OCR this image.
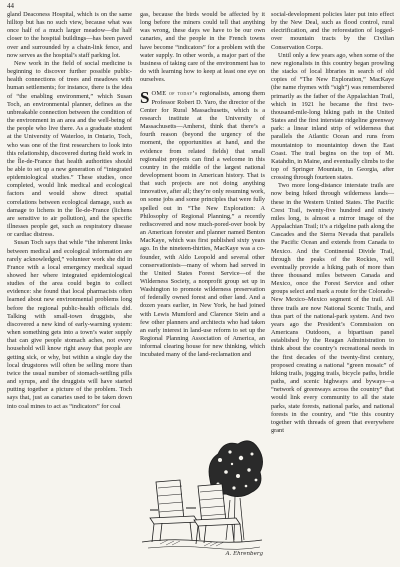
44

gland Deaconess Hospital, which is on the same hilltop but has no such view, because what was once half of a much larger meadow—the half closer to the hospital buildings—has been paved over and surrounded by a chain-link fence, and now serves as the hospital’s staff parking lot.

New work in the field of social medicine is beginning to discover further possible public-health connections of trees and meadows with human settlements; for instance, there is the idea of “the enabling environment,” which Susan Toch, an environmental planner, defines as the unbreakable connection between the condition of the environment in an area and the well-being of the people who live there. As a graduate student at the University of Waterloo, in Ontario, Toch, who was one of the first researchers to look into this relationship, discovered during field work in the Île-de-France that health authorities should be able to set up a new generation of “integrated epidemiological studies.” These studies, once completed, would link medical and ecological factors and would show direct spatial correlations between ecological damage, such as damage to lichens in the Île-de-France (lichens are sensitive to air pollution), and the specific illnesses people get, such as respiratory disease or cardiac distress.

Susan Toch says that while “the inherent links between medical and ecological information are rarely acknowledged,” volunteer work she did in France with a local emergency medical squad showed her where integrated epidemiological studies of the area could begin to collect evidence: she found that local pharmacists often learned about new environmental problems long before the regional public-health officials did. Talking with small-town druggists, she discovered a new kind of early-warning system: when something gets into a town’s water supply that can give people stomach aches, not every household will know right away that people are getting sick, or why, but within a single day the local drugstores will often be selling more than twice the usual number of stomach-settling pills and syrups, and the druggists will have started putting together a picture of the problem. Toch says that, just as canaries used to be taken down into coal mines to act as “indicators” for coal

gas, because the birds would be affected by it long before the miners could tell that anything was wrong, these days we have to be our own canaries, and the people in the French towns have become “indicators” for a problem with the water supply. In other words, a major part of the business of taking care of the environment has to do with learning how to keep at least one eye on ourselves.

SOME of today’s regionalists, among them Professor Robert D. Yaro, the director of the Center for Rural Massachusetts, which is a research institute at the University of Massachusetts—Amherst, think that there’s a fourth reason (beyond the urgency of the moment, the opportunities at hand, and the evidence from related fields) that small regionalist projects can find a welcome in this country in the middle of the largest national development boom in American history. That is that such projects are not doing anything innovative, after all; they’re only resuming work, on some jobs and some principles that were fully spelled out in “The New Exploration: A Philosophy of Regional Planning,” a recently rediscovered and now much-pored-over book by an American forester and planner named Benton MacKaye, which was first published sixty years ago. In the nineteen-thirties, MacKaye was a co-founder, with Aldo Leopold and several other conservationists—many of whom had served in the United States Forest Service—of the Wilderness Society, a nonprofit group set up in Washington to promote wilderness preservation of federally owned forest and other land. And a dozen years earlier, in New York, he had joined with Lewis Mumford and Clarence Stein and a few other planners and architects who had taken an early interest in land-use reform to set up the Regional Planning Association of America, an informal clearing house for new thinking, which incubated many of the land-reclamation and

A. Ehrenberg

social-development policies later put into effect by the New Deal, such as flood control, rural electrification, and the reforestation of logged-over mountain tracts by the Civilian Conservation Corps.

Until only a few years ago, when some of the new regionalists in this country began prowling the stacks of local libraries in search of old copies of “The New Exploration,” MacKaye (the name rhymes with “sigh”) was remembered primarily as the father of the Appalachian Trail, which in 1921 he became the first two-thousand-mile-long hiking path in the United States and the first interstate ridgeline greenway park: a linear inland strip of wilderness that parallels the Atlantic Ocean and runs from mountaintop to mountaintop down the East Coast. The trail begins on the top of Mt. Katahdin, in Maine, and eventually climbs to the top of Springer Mountain, in Georgia, after crossing through fourteen states.

Two more long-distance interstate trails are now being hiked through wilderness lands—these in the Western United States. The Pacific Crest Trail, twenty-five hundred and ninety miles long, is almost a mirror image of the Appalachian Trail; it’s a ridgeline path along the Cascades and the Sierra Nevada that parallels the Pacific Ocean and extends from Canada to Mexico. And the Continental Divide Trail, through the peaks of the Rockies, will eventually provide a hiking path of more than three thousand miles between Canada and Mexico, once the Forest Service and other groups select and mark a route for the Colorado-New Mexico–Mexico segment of the trail. All three trails are now National Scenic Trails, and thus part of the national-park system. And two years ago the President’s Commission on Americans Outdoors, a bipartisan panel established by the Reagan Administration to think about the country’s recreational needs in the first decades of the twenty-first century, proposed creating a national “green mosaic” of hiking trails, jogging trails, bicycle paths, bridle paths, and scenic highways and byways—a “network of greenways across the country” that would link every community to all the state parks, state forests, national parks, and national forests in the country, and “tie this country together with threads of green that everywhere grant
